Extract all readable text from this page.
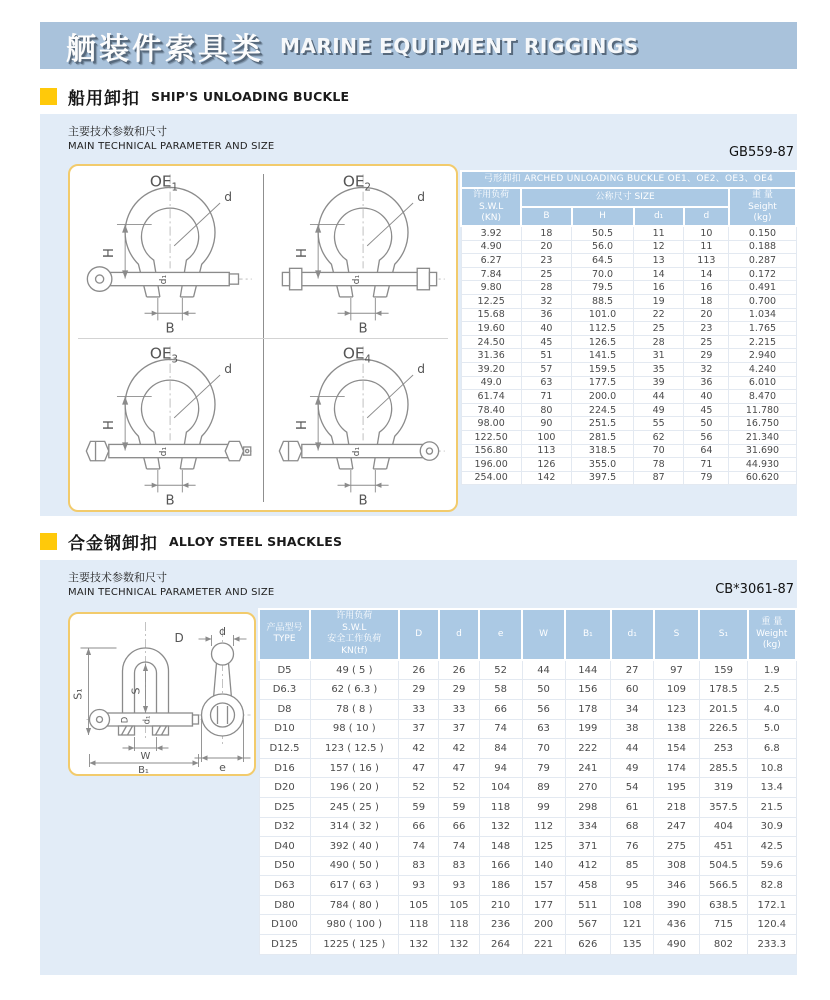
舾装件索具类 MARINE EQUIPMENT RIGGINGS
船用卸扣 SHIP'S UNLOADING BUCKLE
主要技术参数和尺寸
MAIN TECHNICAL PARAMETER AND SIZE	GB559-87
$OE_1$
d
H
d₁
B
$OE_2$
d
H
d₁
B
$OE_3$
d
H
d₁
B
$OE_4$
d
H
d₁
B
弓形卸扣 ARCHED UNLOADING BUCKLE OE1、OE2、OE3、OE4					

许用负荷
S.W.L
(KN)	公称尺寸 SIZE				重 量
Seight
(kg)

	B	H	d₁	d	
3.92	18	50.5	11	10	0.150
4.90	20	56.0	12	11	0.188
6.27	23	64.5	13	113	0.287
7.84	25	70.0	14	14	0.172
9.80	28	79.5	16	16	0.491
12.25	32	88.5	19	18	0.700
15.68	36	101.0	22	20	1.034
19.60	40	112.5	25	23	1.765
24.50	45	126.5	28	25	2.215
31.36	51	141.5	31	29	2.940
39.20	57	159.5	35	32	4.240
49.0	63	177.5	39	36	6.010
61.74	71	200.0	44	40	8.470
78.40	80	224.5	49	45	11.780
98.00	90	251.5	55	50	16.750
122.50	100	281.5	62	56	21.340
156.80	113	318.5	70	64	31.690
196.00	126	355.0	78	71	44.930
254.00	142	397.5	87	79	60.620
合金钢卸扣 ALLOY STEEL SHACKLES
主要技术参数和尺寸
MAIN TECHNICAL PARAMETER AND SIZE	CB*3061-87
D
S₁	S
D d₁
W
B₁
d
e
产品型号
TYPE	许用负荷
S.W.L
安全工作负荷
KN(tf)	D	d	e	W	B₁	d₁	S	S₁	重 量
Weight
(kg)

D5	49 ( 5 )	26	26	52	44	144	27	97	159	1.9
D6.3	62 ( 6.3 )	29	29	58	50	156	60	109	178.5	2.5
D8	78 ( 8 )	33	33	66	56	178	34	123	201.5	4.0
D10	98 ( 10 )	37	37	74	63	199	38	138	226.5	5.0
D12.5	123 ( 12.5 )	42	42	84	70	222	44	154	253	6.8
D16	157 ( 16 )	47	47	94	79	241	49	174	285.5	10.8
D20	196 ( 20 )	52	52	104	89	270	54	195	319	13.4
D25	245 ( 25 )	59	59	118	99	298	61	218	357.5	21.5
D32	314 ( 32 )	66	66	132	112	334	68	247	404	30.9
D40	392 ( 40 )	74	74	148	125	371	76	275	451	42.5
D50	490 ( 50 )	83	83	166	140	412	85	308	504.5	59.6
D63	617 ( 63 )	93	93	186	157	458	95	346	566.5	82.8
D80	784 ( 80 )	105	105	210	177	511	108	390	638.5	172.1
D100	980 ( 100 )	118	118	236	200	567	121	436	715	120.4
D125	1225 ( 125 )	132	132	264	221	626	135	490	802	233.3
